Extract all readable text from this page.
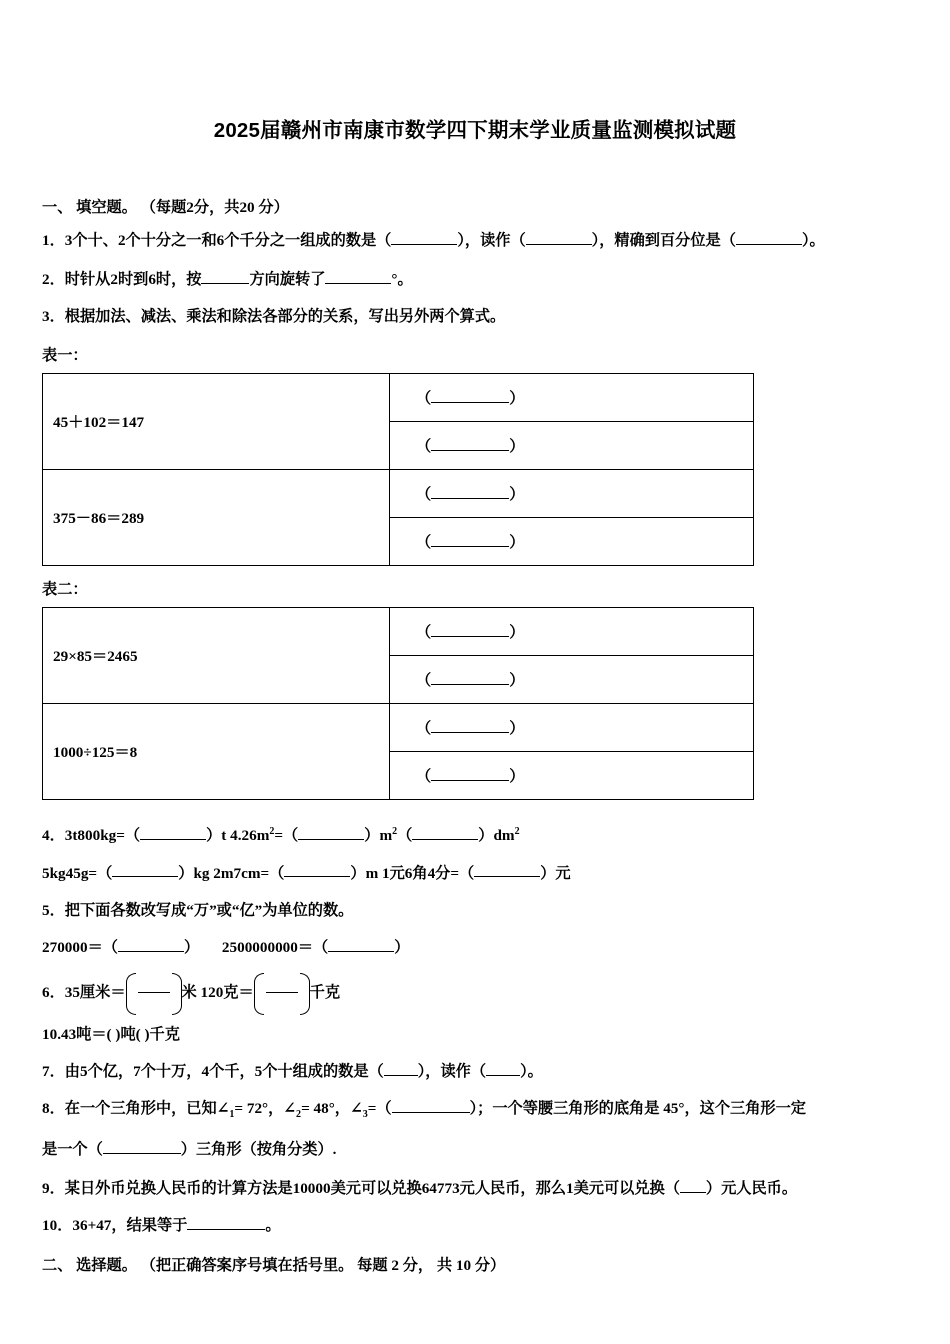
2025届赣州市南康市数学四下期末学业质量监测模拟试题
一、 填空题。 （每题2分，共20 分）
1．3个十、2个十分之一和6个千分之一组成的数是（	），读作（	），精确到百分位是（	）。
2．时针从2时到6时，按	方向旋转了	°。
3．根据加法、减法、乘法和除法各部分的关系，写出另外两个算式。
表一：
45＋102＝147	（ ）
	（ ）
375－86＝289	（ ）
	（ ）
表二：
29×85＝2465	（ ）
	（ ）
1000÷125＝8	（ ）
	（ ）
4．3t800kg=（	）t $4.26m^2=$（	）$m^2$（	）$dm^2$
5kg45g=（	）kg 2m7cm=（	）m 1元6角4分=（	）元
5．把下面各数改写成“万”或“亿”为单位的数。
270000＝（	） 2500000000＝（	）
6．35厘米＝	米 120克＝	千克
10.43吨＝( )吨( )千克
7．由5个亿，7个十万，4个千，5个十组成的数是（ ），读作（ ）。
8．在一个三角形中，已知$\angle_1= 72^\circ$，$\angle_2= 48^\circ$，$\angle_3=$（	）；一个等腰三角形的底角是 45°，这个三角形一定
是一个（	）三角形（按角分类）.
9．某日外币兑换人民币的计算方法是10000美元可以兑换64773元人民币，那么1美元可以兑换（ ）元人民币。
10．36+47，结果等于	。
二、 选择题。 （把正确答案序号填在括号里。 每题 2 分， 共 10 分）
